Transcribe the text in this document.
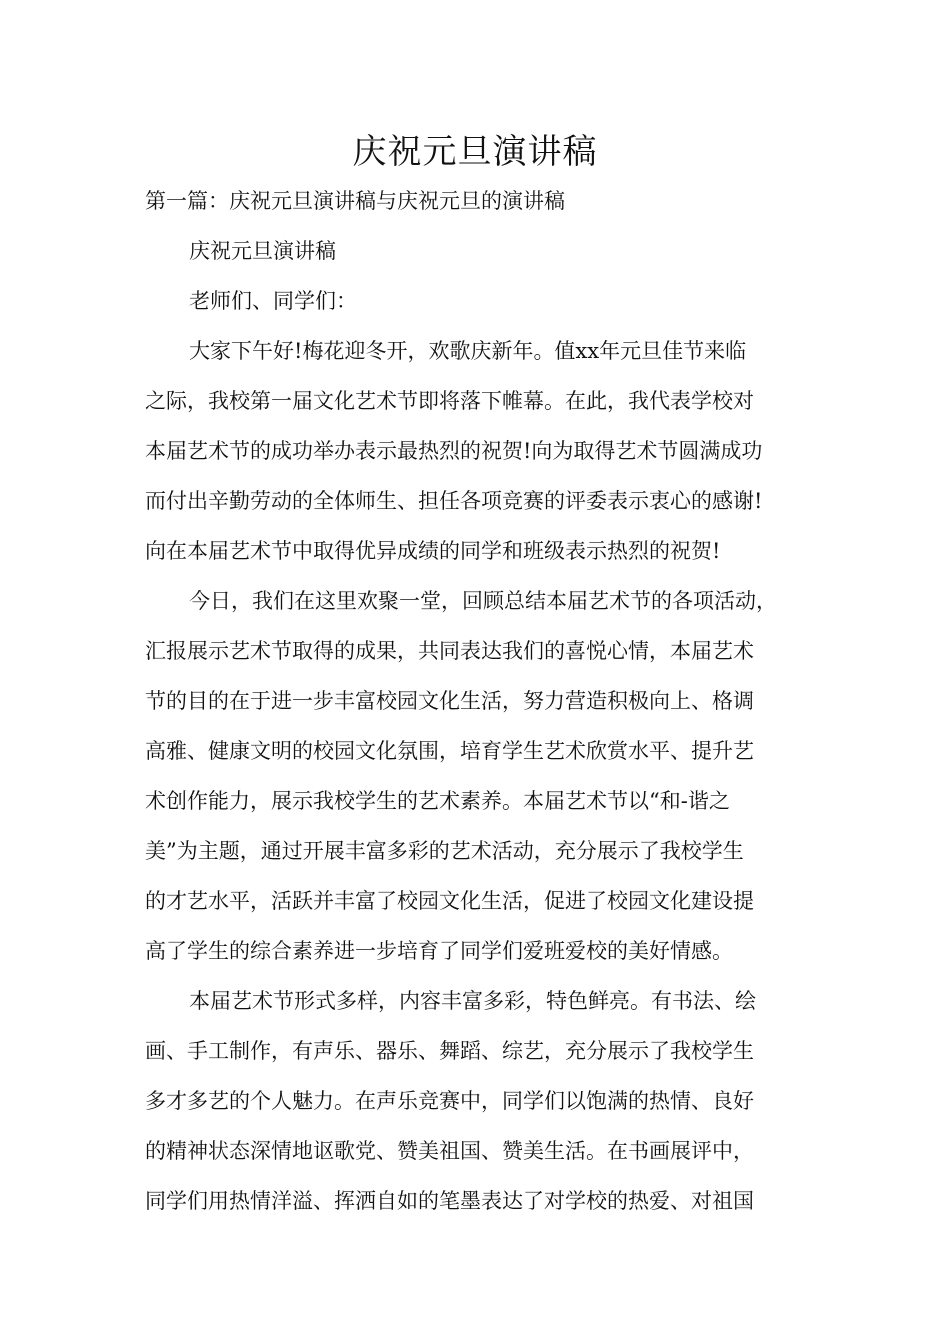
庆祝元旦演讲稿

第一篇：庆祝元旦演讲稿与庆祝元旦的演讲稿

庆祝元旦演讲稿

老师们、同学们：

大家下午好!梅花迎冬开，欢歌庆新年。值xx年元旦佳节来临

之际，我校第一届文化艺术节即将落下帷幕。在此，我代表学校对

本届艺术节的成功举办表示最热烈的祝贺!向为取得艺术节圆满成功

而付出辛勤劳动的全体师生、担任各项竞赛的评委表示衷心的感谢!

向在本届艺术节中取得优异成绩的同学和班级表示热烈的祝贺!

今日，我们在这里欢聚一堂，回顾总结本届艺术节的各项活动，

汇报展示艺术节取得的成果，共同表达我们的喜悦心情，本届艺术

节的目的在于进一步丰富校园文化生活，努力营造积极向上、格调

高雅、健康文明的校园文化氛围，培育学生艺术欣赏水平、提升艺

术创作能力，展示我校学生的艺术素养。本届艺术节以“和-谐之

美”为主题，通过开展丰富多彩的艺术活动，充分展示了我校学生

的才艺水平，活跃并丰富了校园文化生活，促进了校园文化建设提

高了学生的综合素养进一步培育了同学们爱班爱校的美好情感。

本届艺术节形式多样，内容丰富多彩，特色鲜亮。有书法、绘

画、手工制作，有声乐、器乐、舞蹈、综艺，充分展示了我校学生

多才多艺的个人魅力。在声乐竞赛中，同学们以饱满的热情、良好

的精神状态深情地讴歌党、赞美祖国、赞美生活。在书画展评中，

同学们用热情洋溢、挥洒自如的笔墨表达了对学校的热爱、对祖国
